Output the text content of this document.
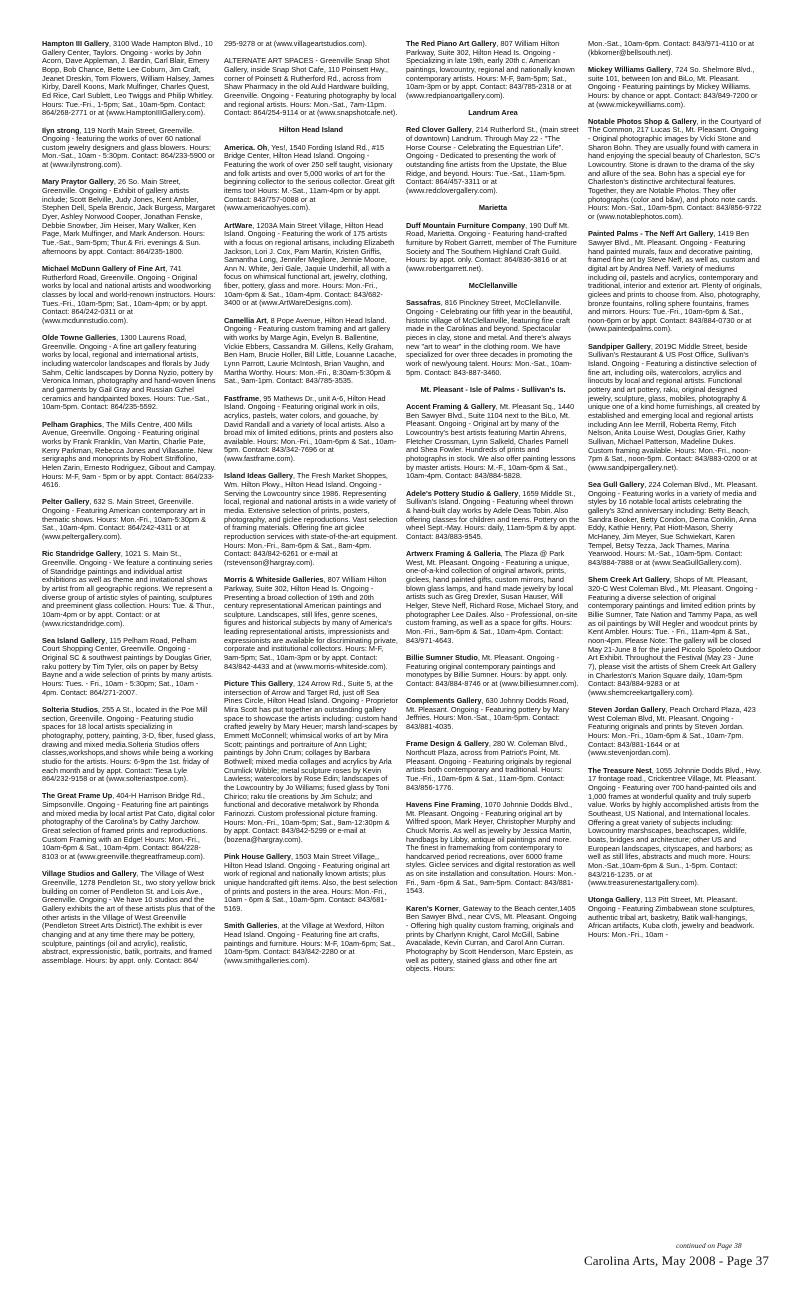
Hampton III Gallery, 3100 Wade Hampton Blvd., 10 Gallery Center, Taylors. Ongoing - works by John Acorn, Dave Appleman, J. Bardin, Carl Blair, Emery Bopp, Bob Chance, Bette Lee Coburn, Jim Craft, Jeanet Dreskin, Tom Flowers, William Halsey, James Kirby, Darell Koons, Mark Mulfinger, Charles Quest, Ed Rice, Carl Sublett, Leo Twiggs and Philip Whitley. Hours: Tue.-Fri., 1-5pm; Sat., 10am-5pm. Contact: 864/268-2771 or at (www.HamptonIIIGallery.com).
Ilyn strong, 119 North Main Street, Greenville. Ongoing - featuring the works of over 60 national custom jewelry designers and glass blowers. Hours: Mon.-Sat., 10am - 5:30pm. Contact: 864/233-5900 or at (www.ilynstrong.com).
Mary Praytor Gallery, 26 So. Main Street, Greenville. Ongoing - Exhibit of gallery artists include; Scott Belville, Judy Jones, Kent Ambler, Stephen Dell, Spela Brencic, Jack Burgess, Margaret Dyer, Ashley Norwood Cooper, Jonathan Fenske, Debbie Snowber, Jim Heiser, Mary Walker, Ken Page, Mark Mulfinger, and Mark Anderson. Hours: Tue.-Sat., 9am-5pm; Thur.& Fri. evenings & Sun. afternoons by appt. Contact: 864/235-1800.
Michael McDunn Gallery of Fine Art, 741 Rutherford Road, Greenville. Ongoing - Original works by local and national artists and woodworking classes by local and world-renown instructors. Hours: Tues.-Fri., 10am-5pm; Sat., 10am-4pm; or by appt. Contact: 864/242-0311 or at (www.mcdunnstudio.com).
Olde Towne Galleries, 1300 Laurens Road, Greenville. Ongoing - A fine art gallery featuring works by local, regional and international artists, including watercolor landscapes and florals by Judy Sahm, Celtic landscapes by Donna Nyzio, pottery by Veronica Inman, photography and hand-woven linens and garments by Gail Gray and Russian Gzhel ceramics and handpainted boxes. Hours: Tue.-Sat., 10am-5pm. Contact: 864/235-5592.
Pelham Graphics, The Mills Centre, 400 Mills Avenue, Greenville. Ongoing - Featuring original works by Frank Franklin, Van Martin, Charlie Pate, Kerry Parkman, Rebecca Jones and Villasante. New serigraphs and monoprints by Robert Striffolino, Helen Zarin, Ernesto Rodriguez, Gibout and Campay. Hours: M-F, 9am - 5pm or by appt. Contact: 864/233-4616.
Pelter Gallery, 632 S. Main Street, Greenville. Ongoing - Featuring American contemporary art in thematic shows. Hours: Mon.-Fri., 10am-5:30pm & Sat., 10am-4pm. Contact: 864/242-4311 or at (www.peltergallery.com).
Ric Standridge Gallery, 1021 S. Main St., Greenville. Ongoing - We feature a continuing series of Standridge paintings and individual artist exhibitions as well as theme and invitational shows by artist from all geographic regions. We represent a diverse group of artistic styles of painting, sculptures and preeminent glass collection. Hours: Tue. & Thur., 10am-4pm or by appt. Contact: or at (www.ricstandridge.com).
Sea Island Gallery, 115 Pelham Road, Pelham Court Shopping Center, Greenville. Ongoing - Original SC & southwest paintings by Douglas Grier, raku pottery by Tim Tyler, oils on paper by Betsy Bayne and a wide selection of prints by many artists. Hours: Tues. - Fri., 10am - 5:30pm; Sat., 10am - 4pm. Contact: 864/271-2007.
Solteria Studios, 255 A St., located in the Poe Mill section, Greenville. Ongoing - Featuring studio spaces for 18 local artists specializing in photography, pottery, painting, 3-D, fiber, fused glass, drawing and mixed media.Solteria Studios offers classes,workshops,and shows while being a working studio for the artists. Hours: 6-9pm the 1st. friday of each month and by appt. Contact: Tiesa Lyle 864/232-9158 or at (www.solteriastpoe.com).
The Great Frame Up, 404-H Harrison Bridge Rd., Simpsonville. Ongoing - Featuring fine art paintings and mixed media by local artist Pat Cato, digital color photography of the Carolina's by Cathy Jarchow. Great selection of framed prints and reproductions. Custom Framing with an Edge! Hours: Mon.-Fri., 10am-6pm & Sat., 10am-4pm. Contact: 864/228-8103 or at (www.greenville.thegreatframeup.com).
Village Studios and Gallery, The Village of West Greenville, 1278 Pendleton St., two story yellow brick building on corner of Pendleton St. and Lois Ave., Greenville. Ongoing - We have 10 studios and the Gallery exhibits the art of these artists plus that of the other artists in the Village of West Greenville (Pendleton Street Arts District).The exhibit is ever changing and at any time there may be pottery, sculpture, paintings (oil and acrylic), realistic, abstract, expressionistic, batik, portraits, and framed assemblage. Hours: by appt. only. Contact: 864/
295-9278 or at (www.villageartstudios.com).
ALTERNATE ART SPACES - Greenville Snap Shot Gallery, inside Snap Shot Cafe, 110 Poinsett Hwy., corner of Poinsett & Rutherford Rd., across from Shaw Pharmacy in the old Auld Hardware building, Greenville. Ongoing - Featuring photography by local and regional artists. Hours: Mon.-Sat., 7am-11pm. Contact: 864/254-9114 or at (www.snapshotcafe.net).
Hilton Head Island
America. Oh, Yes!, 1540 Fording Island Rd., #15 Bridge Center, Hilton Head Island. Ongoing - Featuring the work of over 250 self taught, visionary and folk artists and over 5,000 works of art for the beginning collector to the serious collector. Great gift items too! Hours: M.-Sat., 11am-4pm or by appt. Contact: 843/757-0088 or at (www.americaohyes.com).
ArtWare, 1203A Main Street Village, Hilton Head Island. Ongoing - Featuring the work of 175 artists with a focus on regional artisans, including Elizabeth Jackson, Lori J. Cox, Pam Martin, Kristen Griffis, Samantha Long, Jennifer Megliore, Jennie Moore, Ann N. White, Jeri Gale, Jaquie Underhill, all with a focus on whimsical functional art, jewelry, clothing, fiber, pottery, glass and more. Hours: Mon.-Fri., 10am-6pm & Sat., 10am-4pm. Contact: 843/682-3400 or at (www.ArtWareDesigns.com).
Camellia Art, 8 Pope Avenue, Hilton Head Island. Ongoing - Featuring custom framing and art gallery with works by Marge Agin, Evelyn B. Ballentine, Vickie Ebbers, Cassandra M. Gillens, Kelly Graham, Ben Ham, Brucie Holler, Bill Little, Louanne Lacache, Lynn Parrott, Laurie McIntosh, Brian Vaughn, and Martha Worthy. Hours: Mon.-Fri., 8:30am-5:30pm & Sat., 9am-1pm. Contact: 843/785-3535.
Fastframe, 95 Mathews Dr., unit A-6, Hilton Head Island. Ongoing - Featuring original work in oils, acrylics, pastels, water colors, and gouache, by David Randall and a variety of local artists. Also a broad mix of limited editions, prints and posters also available. Hours: Mon.-Fri., 10am-6pm & Sat., 10am-5pm. Contact: 843/342-7696 or at (www.fastframe.com).
Island Ideas Gallery, The Fresh Market Shoppes, Wm. Hilton Pkwy., Hilton Head Island. Ongoing - Serving the Lowcountry since 1986. Representing local, regional and national artists in a wide variety of media. Extensive selection of prints, posters, photography, and giclee reproductions. Vast selection of framing materials. Offering fine art giclee reproduction services with state-of-the-art equipment. Hours: Mon.-Fri., 8am-6pm & Sat., 8am-4pm. Contact: 843/842-6261 or e-mail at (rstevenson@hargray.com).
Morris & Whiteside Galleries, 807 William Hilton Parkway, Suite 302, Hilton Head Is. Ongoing - Presenting a broad collection of 19th and 20th century representational American paintings and sculpture. Landscapes, still lifes, genre scenes, figures and historical subjects by many of America's leading representational artists, impressionists and expressionists are available for discriminating private, corporate and institutional collectors. Hours: M-F, 9am-5pm; Sat., 10am-3pm or by appt. Contact: 843/842-4433 and at (www.morris-whiteside.com).
Picture This Gallery, 124 Arrow Rd., Suite 5, at the intersection of Arrow and Target Rd, just off Sea Pines Circle, Hilton Head Island. Ongoing - Proprietor Mira Scott has put together an outstanding gallery space to showcase the artists including: custom hand crafted jewelry by Mary Heuer; marsh land-scapes by Emmett McConnell; whimsical works of art by Mira Scott; paintings and portraiture of Ann Light; paintings by John Crum; collages by Barbara Bothwell; mixed media collages and acrylics by Arla Crumlick Wibble; metal sculpture roses by Kevin Lawless; watercolors by Rose Edin; landscapes of the Lowcountry by Jo Williams; fused glass by Toni Chirico; raku tile creations by Jim Schulz; and functional and decorative metalwork by Rhonda Farinozzi. Custom professional picture framing. Hours: Mon.-Fri., 10am-5pm; Sat., 9am-12:30pm & by appt. Contact: 843/842-5299 or e-mail at (bozena@hargray.com).
Pink House Gallery, 1503 Main Street Village,, Hilton Head Island. Ongoing - Featuring original art work of regional and nationally known artists; plus unique handcrafted gift items. Also, the best selection of prints and posters in the area. Hours: Mon.-Fri., 10am - 6pm & Sat., 10am-5pm. Contact: 843/681-5169.
Smith Galleries, at the Village at Wexford, Hilton Head Island. Ongoing - Featuring fine art crafts, paintings and furniture. Hours: M-F, 10am-6pm; Sat., 10am-5pm. Contact: 843/842-2280 or at (www.smithgalleries.com).
The Red Piano Art Gallery, 807 William Hilton Parkway, Suite 302, Hilton Head Is. Ongoing - Specializing in late 19th, early 20th c. American paintings, lowcountry, regional and nationally known contemporary artists. Hours: M-F, 9am-5pm; Sat., 10am-3pm or by appt. Contact: 843/785-2318 or at (www.redpianoartgallery.com).
Landrum Area
Red Clover Gallery, 214 Rutherford St., (main street of downtown) Landrum. Through May 22 - "The Horse Course - Celebrating the Equestrian Life". Ongoing - Dedicated to presenting the work of outstanding fine artists from the Upstate, the Blue Ridge, and beyond. Hours: Tue.-Sat., 11am-5pm. Contact: 864/457-3311 or at (www.redclovergallery.com).
Marietta
Duff Mountain Furniture Company, 190 Duff Mt. Road, Marietta. Ongoing - Featuring hand-crafted furniture by Robert Garrett, member of The Furniture Society and The Southern Highland Craft Guild. Hours: by appt. only. Contact: 864/836-3816 or at (www.robertgarrett.net).
McClellanville
Sassafras, 816 Pinckney Street, McClellanville. Ongoing - Celebrating our fifth year in the beautiful, historic village of McClellanville, featuring fine craft made in the Carolinas and beyond. Spectacular pieces in clay, stone and metal. And there's always new "art to wear" in the clothing room. We have specialized for over three decades in promoting the work of new/young talent. Hours: Mon.-Sat., 10am-5pm. Contact: 843-887-3460.
Mt. Pleasant - Isle of Palms - Sullivan's Is.
Accent Framing & Gallery, Mt. Pleasant Sq., 1440 Ben Sawyer Blvd., Suite 1104 next to the BiLo, Mt. Pleasant. Ongoing - Original art by many of the Lowcountry's best artists featuring Martin Ahrens, Fletcher Crossman, Lynn Salkeld, Charles Parnell and Shea Fowler. Hundreds of prints and photographs in stock. We also offer painting lessons by master artists. Hours: M.-F., 10am-6pm & Sat., 10am-4pm. Contact: 843/884-5828.
Adele's Pottery Studio & Gallery, 1659 Middle St., Sullivan's Island. Ongoing - Featuring wheel thrown & hand-built clay works by Adele Deas Tobin. Also offering classes for children and teens. Pottery on the wheel Sept.-May. Hours: daily, 11am-5pm & by appt. Contact: 843/883-9545.
Artwerx Framing & Galleria, The Plaza @ Park West, Mt. Pleasant. Ongoing - Featuring a unique, one-of-a-kind collection of original artwork, prints, giclees, hand painted gifts, custom mirrors, hand blown glass lamps, and hand made jewelry by local artists such as Greg Drexler, Susan Hauser, Will Helger, Steve Neff, Richard Rose, Michael Story, and photographer Lee Dailes. Also - Professional, on-site custom framing, as well as a space for gifts. Hours: Mon.-Fri., 9am-6pm & Sat., 10am-4pm. Contact: 843/971-4643.
Billie Sumner Studio, Mt. Pleasant. Ongoing - Featuring original contemporary paintings and monotypes by Billie Sumner. Hours: by appt. only. Contact: 843/884-8746 or at (www.billiesumner.com).
Complements Gallery, 630 Johnny Dodds Road, Mt. Pleasant. Ongoing - Featuring pottery by Mary Jeffries. Hours: Mon.-Sat., 10am-5pm. Contact: 843/881-4035.
Frame Design & Gallery, 280 W. Coleman Blvd., Northcutt Plaza, across from Patriot's Point, Mt. Pleasant. Ongoing - Featuring originals by regional artists both contemporary and traditional. Hours: Tue.-Fri., 10am-6pm & Sat., 11am-5pm. Contact: 843/856-1776.
Havens Fine Framing, 1070 Johnnie Dodds Blvd., Mt. Pleasant. Ongoing - Featuring original art by Wilfred spoon, Mark Heyer, Christopher Murphy and Chuck Morris. As well as jewelry by Jessica Martin, handbags by Libby, antique oil paintings and more. The finest in framemaking from contemporary to handcarved period recreations, over 6000 frame styles. Giclee services and digital restoration as well as on site installation and consultation. Hours: Mon.-Fri., 9am -6pm & Sat., 9am-5pm. Contact: 843/881-1543.
Karen's Korner, Gateway to the Beach center,1405 Ben Sawyer Blvd., near CVS, Mt. Pleasant. Ongoing - Offering high quality custom framing, originals and prints by Charlynn Knight, Carol McGill, Sabine Avacalade, Kevin Curran, and Carol Ann Curran. Photography by Scott Henderson, Marc Epstein, as well as pottery, stained glass and other fine art objects. Hours:
Mon.-Sat., 10am-6pm. Contact: 843/971-4110 or at (kbkorner@bellsouth.net).
Mickey Williams Gallery, 724 So. Shelmore Blvd., suite 101, between Ion and BiLo, Mt. Pleasant. Ongoing - Featuring paintings by Mickey Williams. Hours: by chance or appt. Contact: 843/849-7200 or at (www.mickeywilliams.com).
Notable Photos Shop & Gallery, in the Courtyard of The Common, 217 Lucas St., Mt. Pleasant. Ongoing - Original photographic images by Vicki Stone and Sharon Bohn. They are usually found with camera in hand enjoying the special beauty of Charleston, SC's Lowcountry. Stone is drawn to the drama of the sky and allure of the sea. Bohn has a special eye for Charleston's distinctive architectural features. Together, they are Notable Photos. They offer photographs (color and b&w), and photo note cards. Hours: Mon.-Sat., 10am-5pm. Contact: 843/856-9722 or (www.notablephotos.com).
Painted Palms - The Neff Art Gallery, 1419 Ben Sawyer Blvd., Mt. Pleasant. Ongoing - Featuring hand painted murals, faux and decorative painting, framed fine art by Steve Neff, as well as, custom and digital art by Andrea Neff. Variety of mediums including oil, pastels and acrylics, contemporary and traditional, interior and exterior art. Plenty of originals, giclees and prints to choose from. Also, photography, bronze fountains, rolling sphere fountains, frames and mirrors. Hours: Tue.-Fri., 10am-6pm & Sat., noon-6pm or by appt. Contact: 843/884-0730 or at (www.paintedpalms.com).
Sandpiper Gallery, 2019C Middle Street, beside Sullivan's Restaurant & US Post Office, Sullivan's Island. Ongoing - Featuring a distinctive selection of fine art, including oils, watercolors, acrylics and linocuts by local and regional artists. Functional pottery and art pottery, raku, original designed jewelry, sculpture, glass, mobiles, photography & unique one of a kind home furnishings, all created by established and emerging local and regional artists including Ann lee Merrill, Roberta Remy, Fitch Nelson, Anita Louise West, Douglas Grier, Kathy Sullivan, Michael Patterson, Madeline Dukes. Custom framing available. Hours: Mon.-Fri., noon-7pm & Sat., noon-5pm. Contact: 843/883-0200 or at (www.sandpipergallery.net).
Sea Gull Gallery, 224 Coleman Blvd., Mt. Pleasant. Ongoing - Featuring works in a variety of media and styles by 16 notable local artists celebrating the gallery's 32nd anniversary including: Betty Beach, Sandra Booker, Betty Condon, Dema Conklin, Anna Eddy, Kathie Henry, Pat Hiott-Mason, Sherry McHaney, Jim Meyer, Sue Schwiekart, Karen Tempel, Betsy Tezza, Jack Thames, Marina Yearwood. Hours: M.-Sat., 10am-5pm. Contact: 843/884-7888 or at (www.SeaGullGallery.com).
Shem Creek Art Gallery, Shops of Mt. Pleasant, 320-C West Coleman Blvd., Mt. Pleasant. Ongoing - Featuring a diverse selection of original contemporary paintings and limited edition prints by Billie Sumner, Tate Nation and Tammy Papa, as well as oil paintings by Will Hegler and woodcut prints by Kent Ambler. Hours: Tue. - Fri., 11am-4pm & Sat., noon-4pm. Please Note: The gallery will be closed May 21-June 8 for the juried Piccolo Spoleto Outdoor Art Exhibit. Throughout the Festival (May 23 - June 7), please visit the artists of Shem Creek Art Gallery in Charleston's Marion Square daily, 10am-5pm Contact: 843/884-9283 or at (www.shemcreekartgallery.com).
Steven Jordan Gallery, Peach Orchard Plaza, 423 West Coleman Blvd, Mt. Pleasant. Ongoing - Featuring originals and prints by Steven Jordan. Hours: Mon.-Fri., 10am-6pm & Sat., 10am-7pm. Contact: 843/881-1644 or at (www.stevenjordan.com).
The Treasure Nest, 1055 Johnnie Dodds Blvd., Hwy. 17 frontage road., Crickentree Village, Mt. Pleasant. Ongoing - Featuring over 700 hand-painted oils and 1,000 frames at wonderful quality and truly superb value. Works by highly accomplished artists from the Southeast, US National, and International locales. Offering a great variety of subjects including: Lowcountry marshscapes, beachscapes, wildlife, boats, bridges and architecture; other US and European landscapes, cityscapes, and harbors; as well as still lifes, abstracts and much more. Hours: Mon.-Sat.,10am-6pm & Sun., 1-5pm. Contact: 843/216-1235. or at (www.treasurenestartgallery.com).
Utonga Gallery, 113 Pitt Street, Mt. Pleasant. Ongoing - Featuring Zimbabwean stone sculptures, authentic tribal art, basketry, Batik wall-hangings, African artifacts, Kuba cloth, jewelry and beadwork. Hours: Mon.-Fri., 10am -
continued on Page 38
Carolina Arts, May 2008 - Page 37
